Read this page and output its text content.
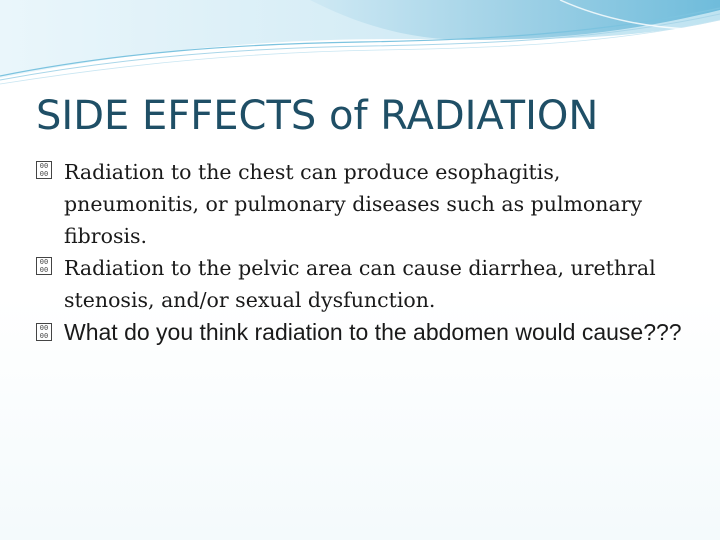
SIDE EFFECTS of RADIATION
00
00 Radiation to the chest can produce esophagitis, pneumonitis, or pulmonary diseases such as pulmonary fibrosis.
00
00 Radiation to the pelvic area can cause diarrhea, urethral stenosis, and/or sexual dysfunction.
00
00 What do you think radiation to the abdomen would cause???
